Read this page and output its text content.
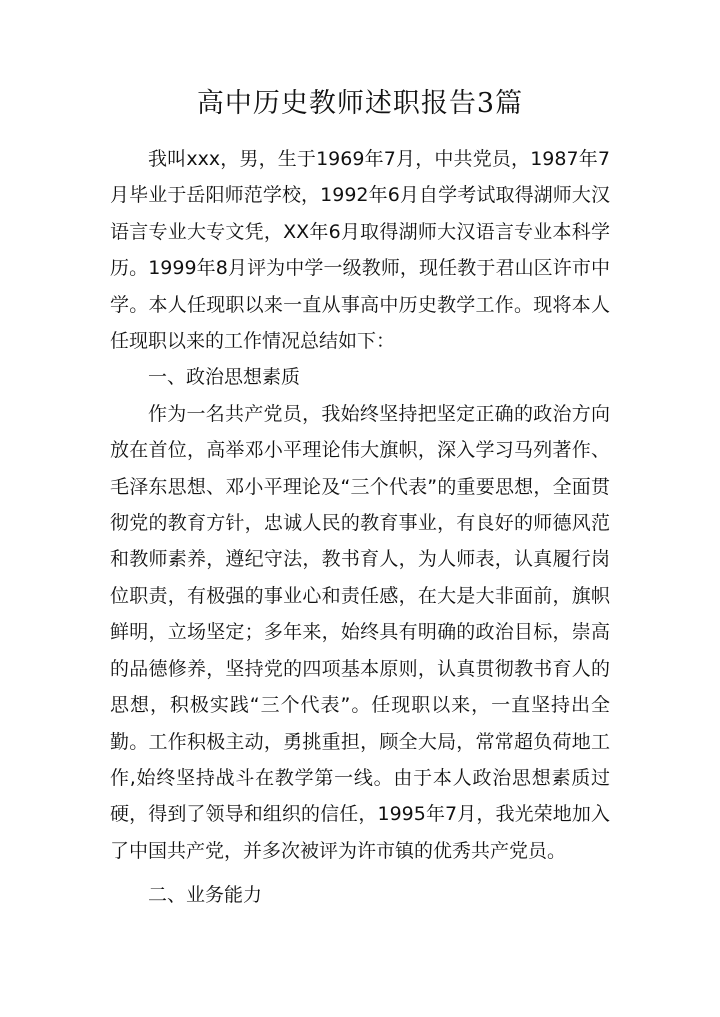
高中历史教师述职报告3篇

我叫xxx，男，生于1969年7月，中共党员，1987年7月毕业于岳阳师范学校，1992年6月自学考试取得湖师大汉语言专业大专文凭，XX年6月取得湖师大汉语言专业本科学历。1999年8月评为中学一级教师，现任教于君山区许市中学。本人任现职以来一直从事高中历史教学工作。现将本人任现职以来的工作情况总结如下：

一、政治思想素质

作为一名共产党员，我始终坚持把坚定正确的政治方向放在首位，高举邓小平理论伟大旗帜，深入学习马列著作、毛泽东思想、邓小平理论及“三个代表”的重要思想，全面贯彻党的教育方针，忠诚人民的教育事业，有良好的师德风范和教师素养，遵纪守法，教书育人，为人师表，认真履行岗位职责，有极强的事业心和责任感，在大是大非面前，旗帜鲜明，立场坚定；多年来，始终具有明确的政治目标，崇高的品德修养，坚持党的四项基本原则，认真贯彻教书育人的思想，积极实践“三个代表”。任现职以来，一直坚持出全勤。工作积极主动，勇挑重担，顾全大局，常常超负荷地工作,始终坚持战斗在教学第一线。由于本人政治思想素质过硬，得到了领导和组织的信任，1995年7月，我光荣地加入了中国共产党，并多次被评为许市镇的优秀共产党员。

二、业务能力
